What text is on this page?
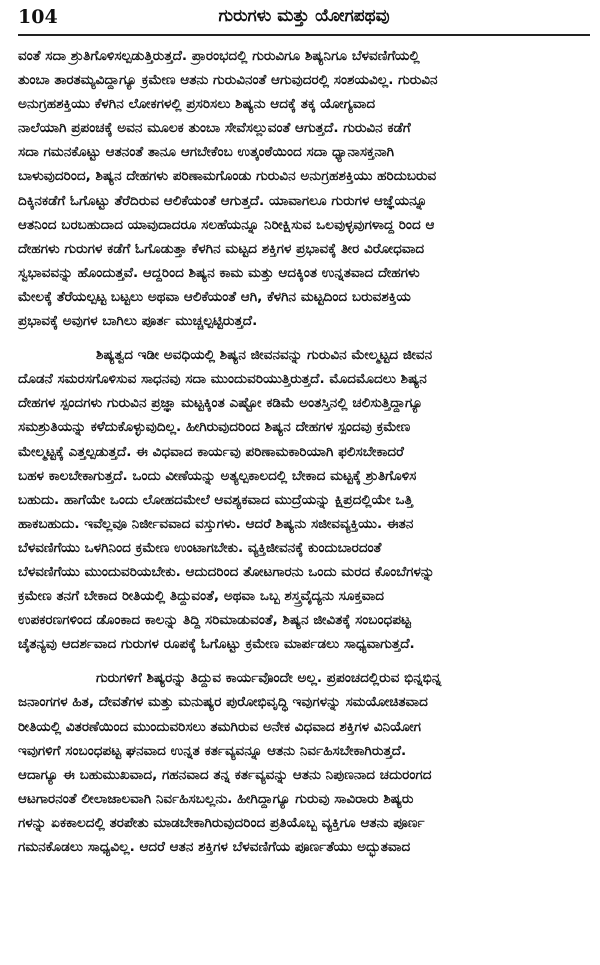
104	ಗುರುಗಳು ಮತ್ತು ಯೋಗಪಥವು

ವಂತೆ ಸದಾ ಶ್ರುತಿಗೊಳಿಸಲ್ಪಡುತ್ತಿರುತ್ತದೆ. ಪ್ರಾರಂಭದಲ್ಲಿ ಗುರುವಿಗೂ ಶಿಷ್ಯನಿಗೂ ಬೆಳವಣಿಗೆಯಲ್ಲಿ
ತುಂಬಾ ತಾರತಮ್ಯವಿದ್ದಾಗ್ಯೂ ಕ್ರಮೇಣ ಆತನು ಗುರುವಿನಂತೆ ಆಗುವುದರಲ್ಲಿ ಸಂಶಯವಿಲ್ಲ. ಗುರುವಿನ
ಅನುಗ್ರಹಶಕ್ತಿಯು ಕೆಳಗಿನ ಲೋಕಗಳಲ್ಲಿ ಪ್ರಸರಿಸಲು ಶಿಷ್ಯನು ಆದಕ್ಕೆ ತಕ್ಕ ಯೋಗ್ಯವಾದ
ನಾಲೆಯಾಗಿ ಪ್ರಪಂಚಕ್ಕೆ ಅವನ ಮೂಲಕ ತುಂಬಾ ಸೇವೆಸಲ್ಲುವಂತೆ ಆಗುತ್ತದೆ. ಗುರುವಿನ ಕಡೆಗೆ
ಸದಾ ಗಮನಕೊಟ್ಟು ಆತನಂತೆ ತಾನೂ ಆಗಬೇಕೆಂಬ ಉತ್ಕಂಠೆಯಿಂದ ಸದಾ ಧ್ಯಾನಾಸಕ್ತನಾಗಿ
ಬಾಳುವುದರಿಂದ, ಶಿಷ್ಯನ ದೇಹಗಳು ಪರಿಣಾಮಗೊಂಡು ಗುರುವಿನ ಅನುಗ್ರಹಶಕ್ತಿಯು ಹರಿದುಬರುವ
ದಿಕ್ಕಿನಕಡೆಗೆ ಓಗೊಟ್ಟು ತೆರೆದಿರುವ ಆಲಿಕೆಯಂತೆ ಆಗುತ್ತದೆ. ಯಾವಾಗಲೂ ಗುರುಗಳ ಆಜ್ಞೆಯನ್ನೂ
ಆತನಿಂದ ಬರಬಹುದಾದ ಯಾವುದಾದರೂ ಸಲಹೆಯನ್ನೂ ನಿರೀಕ್ಷಿಸುವ ಒಲವುಳ್ಳವುಗಳಾದ್ದ ರಿಂದ ಆ
ದೇಹಗಳು ಗುರುಗಳ ಕಡೆಗೆ ಓಗೊಡುತ್ತಾ ಕೆಳಗಿನ ಮಟ್ಟದ ಶಕ್ತಿಗಳ ಪ್ರಭಾವಕ್ಕೆ ತೀರ ವಿರೋಧವಾದ
ಸ್ವಭಾವವನ್ನು ಹೊಂದುತ್ತವೆ. ಆದ್ದರಿಂದ ಶಿಷ್ಯನ ಕಾಮ ಮತ್ತು ಆದಕ್ಕಿಂತ ಉನ್ನತವಾದ ದೇಹಗಳು
ಮೇಲಕ್ಕೆ ತೆರೆಯಲ್ಪಟ್ಟ ಬಟ್ಟಲು ಅಥವಾ ಆಲಿಕೆಯಂತೆ ಆಗಿ, ಕೆಳಗಿನ ಮಟ್ಟದಿಂದ ಬರುವಶಕ್ತಿಯ
ಪ್ರಭಾವಕ್ಕೆ ಅವುಗಳ ಬಾಗಿಲು ಪೂರ್ತ ಮುಚ್ಚಲ್ಪಟ್ಟಿರುತ್ತದೆ.

ಶಿಷ್ಯತ್ವದ ಇಡೀ ಅವಧಿಯಲ್ಲಿ ಶಿಷ್ಯನ ಜೀವನವನ್ನು ಗುರುವಿನ ಮೇಲ್ಮಟ್ಟದ ಜೀವನ
ದೊಡನೆ ಸಮರಸಗೊಳಿಸುವ ಸಾಧನವು ಸದಾ ಮುಂದುವರಿಯುತ್ತಿರುತ್ತದೆ. ಮೊದಮೊದಲು ಶಿಷ್ಯನ
ದೇಹಗಳ ಸ್ಪಂದಗಳು ಗುರುವಿನ ಪ್ರಜ್ಞಾ ಮಟ್ಟಕ್ಕಿಂತ ಎಷ್ಟೋ ಕಡಿಮೆ ಅಂತಸ್ತಿನಲ್ಲಿ ಚಲಿಸುತ್ತಿದ್ದಾಗ್ಯೂ
ಸಮಶ್ರುತಿಯನ್ನು ಕಳೆದುಕೊಳ್ಳುವುದಿಲ್ಲ. ಹೀಗಿರುವುದರಿಂದ ಶಿಷ್ಯನ ದೇಹಗಳ ಸ್ಪಂದವು ಕ್ರಮೇಣ
ಮೇಲ್ಮಟ್ಟಕ್ಕೆ ಎತ್ತಲ್ಪಡುತ್ತದೆ. ಈ ವಿಧವಾದ ಕಾರ್ಯವು ಪರಿಣಾಮಕಾರಿಯಾಗಿ ಫಲಿಸಬೇಕಾದರೆ
ಬಹಳ ಕಾಲಬೇಕಾಗುತ್ತದೆ. ಒಂದು ವೀಣೆಯನ್ನು ಅತ್ಯಲ್ಪಕಾಲದಲ್ಲಿ ಬೇಕಾದ ಮಟ್ಟಕ್ಕೆ ಶ್ರುತಿಗೊಳಿಸ
ಬಹುದು. ಹಾಗೆಯೇ ಒಂದು ಲೋಹದಮೇಲೆ ಆವಶ್ಯಕವಾದ ಮುದ್ರೆಯನ್ನು ಕ್ಷಿಪ್ರದಲ್ಲಿಯೇ ಒತ್ತಿ
ಹಾಕಬಹುದು. ಇವೆಲ್ಲವೂ ನಿರ್ಜೀವವಾದ ವಸ್ತುಗಳು. ಆದರೆ ಶಿಷ್ಯನು ಸಜೀವವ್ಯಕ್ತಿಯು. ಈತನ
ಬೆಳವಣಿಗೆಯು ಒಳಗಿನಿಂದ ಕ್ರಮೇಣ ಉಂಟಾಗಬೇಕು. ವ್ಯಕ್ತಿಜೀವನಕ್ಕೆ ಕುಂದುಬಾರದಂತೆ
ಬೆಳವಣಿಗೆಯು ಮುಂದುವರಿಯಬೇಕು. ಆದುದರಿಂದ ತೋಟಗಾರನು ಒಂದು ಮರದ ಕೊಂಬೆಗಳನ್ನು
ಕ್ರಮೇಣ ತನಗೆ ಬೇಕಾದ ರೀತಿಯಲ್ಲಿ ತಿದ್ದುವಂತೆ, ಅಥವಾ ಒಬ್ಬ ಶಸ್ತ್ರವೈದ್ಯನು ಸೂಕ್ತವಾದ
ಉಪಕರಣಗಳಿಂದ ಡೊಂಕಾದ ಕಾಲನ್ನು ತಿದ್ದಿ ಸರಿಮಾಡುವಂತೆ, ಶಿಷ್ಯನ ಜೀವಿತಕ್ಕೆ ಸಂಬಂಧಪಟ್ಟ
ಚೈತನ್ಯವು ಆದರ್ಶವಾದ ಗುರುಗಳ ರೂಪಕ್ಕೆ ಓಗೊಟ್ಟು ಕ್ರಮೇಣ ಮಾರ್ಪಡಲು ಸಾಧ್ಯವಾಗುತ್ತದೆ.

ಗುರುಗಳಿಗೆ ಶಿಷ್ಯರನ್ನು ತಿದ್ದುವ ಕಾರ್ಯವೊಂದೇ ಅಲ್ಲ. ಪ್ರಪಂಚದಲ್ಲಿರುವ ಭಿನ್ನಭಿನ್ನ
ಜನಾಂಗಗಳ ಹಿತ, ದೇವತೆಗಳ ಮತ್ತು ಮನುಷ್ಯರ ಪುರೋಭಿವೃದ್ಧಿ ಇವುಗಳನ್ನು ಸಮಯೋಚಿತವಾದ
ರೀತಿಯಲ್ಲಿ ವಿತರಣೆಯಿಂದ ಮುಂದುವರಿಸಲು ತಮಗಿರುವ ಅನೇಕ ವಿಧವಾದ ಶಕ್ತಿಗಳ ವಿನಿಯೋಗ
ಇವುಗಳಿಗೆ ಸಂಬಂಧಪಟ್ಟ ಘನವಾದ ಉನ್ನತ ಕರ್ತವ್ಯವನ್ನೂ ಆತನು ನಿರ್ವಹಿಸಬೇಕಾಗಿರುತ್ತದೆ.
ಆದಾಗ್ಯೂ ಈ ಬಹುಮುಖವಾದ, ಗಹನವಾದ ತನ್ನ ಕರ್ತವ್ಯವನ್ನು ಆತನು ನಿಪುಣನಾದ ಚದುರಂಗದ
ಆಟಗಾರನಂತೆ ಲೀಲಾಜಾಲವಾಗಿ ನಿರ್ವಹಿಸಬಲ್ಲನು. ಹೀಗಿದ್ದಾಗ್ಯೂ ಗುರುವು ಸಾವಿರಾರು ಶಿಷ್ಯರು
ಗಳನ್ನು ಏಕಕಾಲದಲ್ಲಿ ತರಪೇತು ಮಾಡಬೇಕಾಗಿರುವುದರಿಂದ ಪ್ರತಿಯೊಬ್ಬ ವ್ಯಕ್ತಿಗೂ ಆತನು ಪೂರ್ಣ
ಗಮನಕೊಡಲು ಸಾಧ್ಯವಿಲ್ಲ. ಆದರೆ ಆತನ ಶಕ್ತಿಗಳ ಬೆಳವಣಿಗೆಯ ಪೂರ್ಣತೆಯು ಅದ್ಭುತವಾದ
